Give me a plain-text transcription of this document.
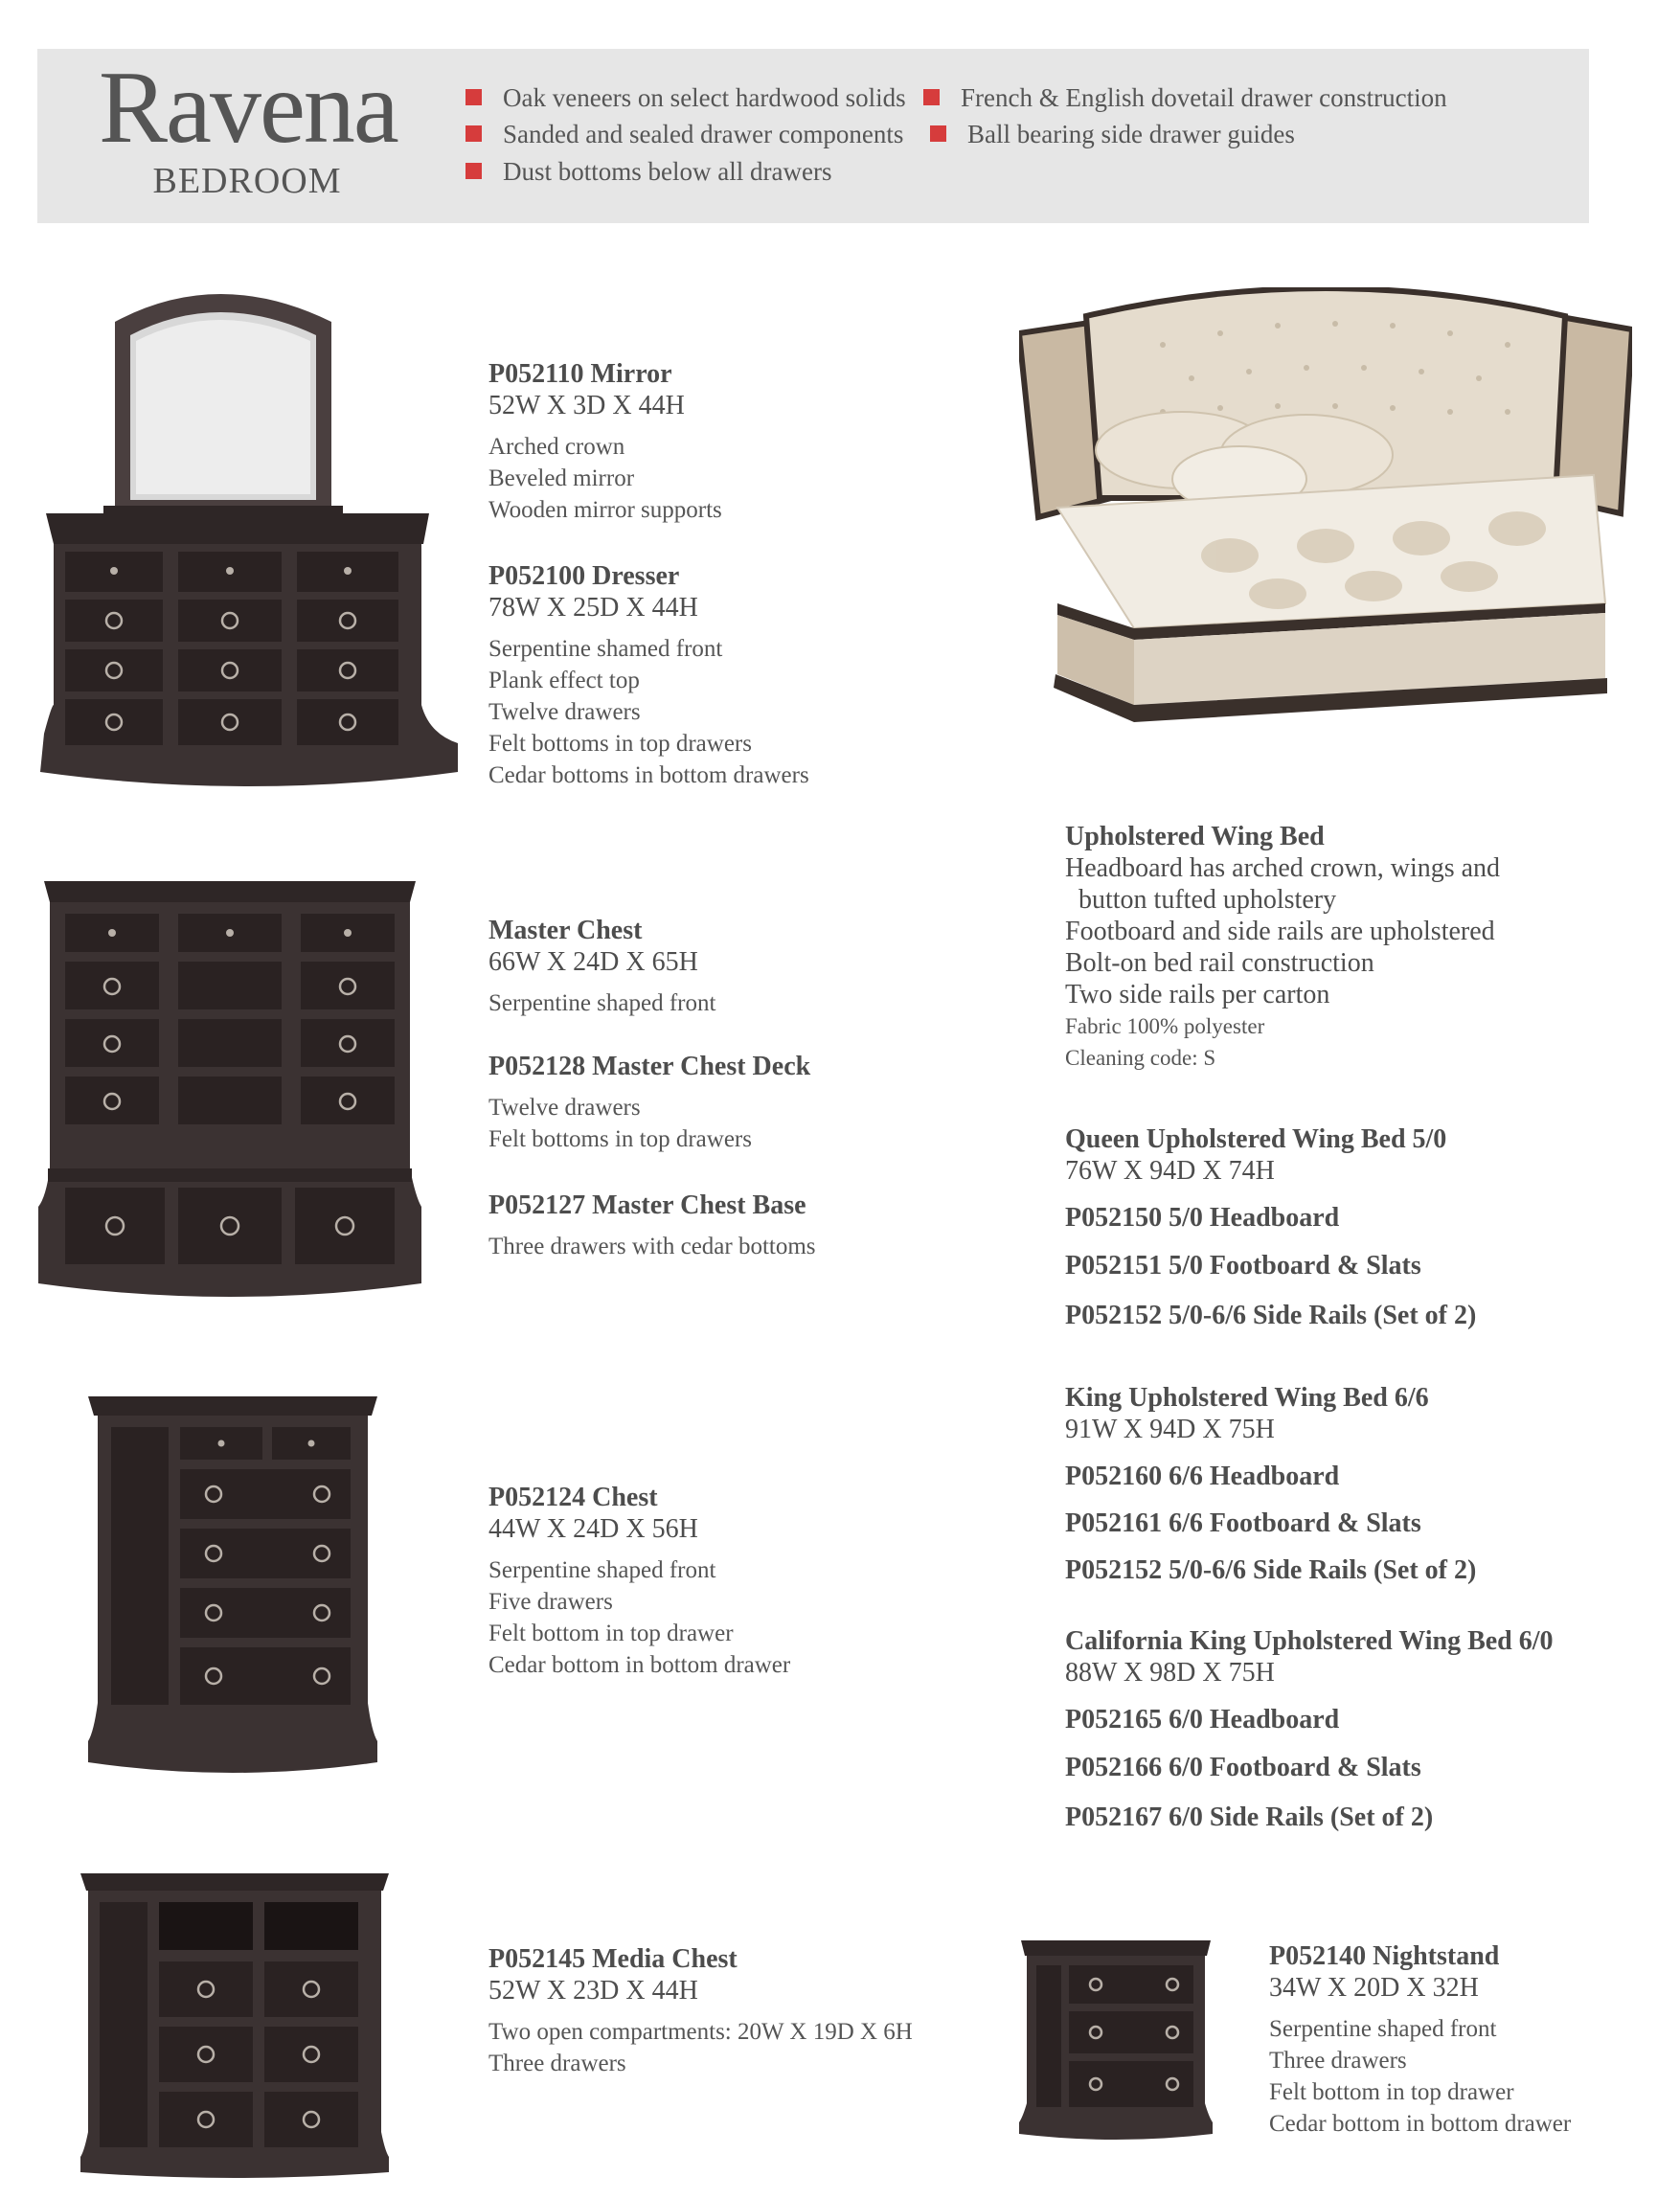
Ravena
BEDROOM
Oak veneers on select hardwood solids	French & English dovetail drawer construction
Sanded and sealed drawer components	Ball bearing side drawer guides
Dust bottoms below all drawers
P052110 Mirror
52W X 3D X 44H
Arched crown
Beveled mirror
Wooden mirror supports
P052100 Dresser
78W X 25D X 44H
Serpentine shamed front
Plank effect top
Twelve drawers
Felt bottoms in top drawers
Cedar bottoms in bottom drawers
Master Chest
66W X 24D X 65H
Serpentine shaped front
P052128 Master Chest Deck
Twelve drawers
Felt bottoms in top drawers
P052127 Master Chest Base
Three drawers with cedar bottoms
P052124 Chest
44W X 24D X 56H
Serpentine shaped front
Five drawers
Felt bottom in top drawer
Cedar bottom in bottom drawer
P052145 Media Chest
52W X 23D X 44H
Two open compartments: 20W X 19D X 6H
Three drawers
Upholstered Wing Bed
Headboard has arched crown, wings and
button tufted upholstery
Footboard and side rails are upholstered
Bolt-on bed rail construction
Two side rails per carton
Fabric 100% polyester
Cleaning code: S
Queen Upholstered Wing Bed 5/0
76W X 94D X 74H
P052150 5/0 Headboard
P052151 5/0 Footboard & Slats
P052152 5/0-6/6 Side Rails (Set of 2)
King Upholstered Wing Bed 6/6
91W X 94D X 75H
P052160 6/6 Headboard
P052161 6/6 Footboard & Slats
P052152 5/0-6/6 Side Rails (Set of 2)
California King Upholstered Wing Bed 6/0
88W X 98D X 75H
P052165 6/0 Headboard
P052166 6/0 Footboard & Slats
P052167 6/0 Side Rails (Set of 2)
P052140 Nightstand
34W X 20D X 32H
Serpentine shaped front
Three drawers
Felt bottom in top drawer
Cedar bottom in bottom drawer
